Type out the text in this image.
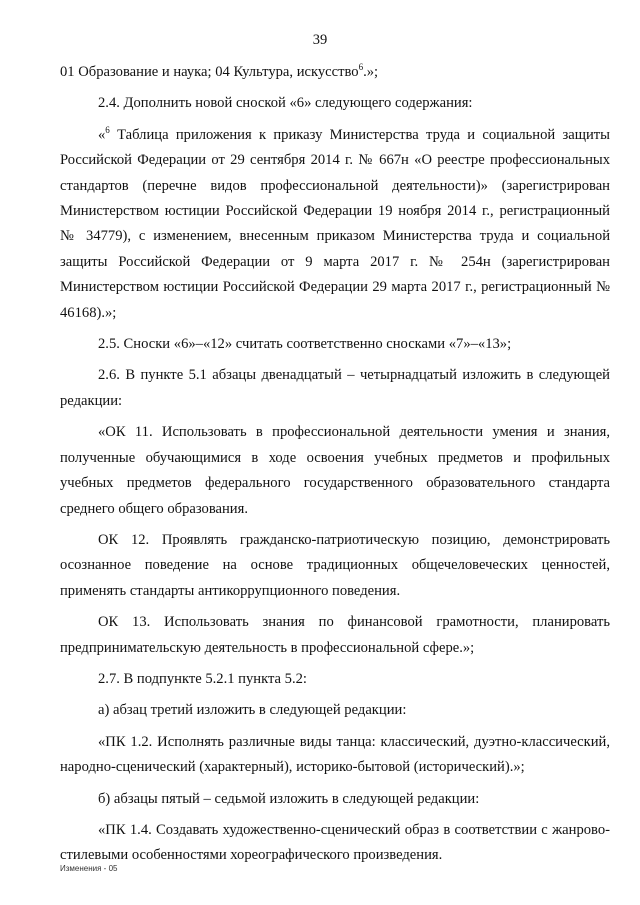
39

01 Образование и наука; 04 Культура, искусство$^6$.»;

2.4. Дополнить новой сноской «6» следующего содержания:

«$^6$ Таблица приложения к приказу Министерства труда и социальной защиты Российской Федерации от 29 сентября 2014 г. № 667н «О реестре профессиональных стандартов (перечне видов профессиональной деятельности)» (зарегистрирован Министерством юстиции Российской Федерации 19 ноября 2014 г., регистрационный № 34779), с изменением, внесенным приказом Министерства труда и социальной защиты Российской Федерации от 9 марта 2017 г. № 254н (зарегистрирован Министерством юстиции Российской Федерации 29 марта 2017 г., регистрационный № 46168).»;

2.5. Сноски «6»–«12» считать соответственно сносками «7»–«13»;

2.6. В пункте 5.1 абзацы двенадцатый – четырнадцатый изложить в следующей редакции:

«ОК 11. Использовать в профессиональной деятельности умения и знания, полученные обучающимися в ходе освоения учебных предметов и профильных учебных предметов федерального государственного образовательного стандарта среднего общего образования.

ОК 12. Проявлять гражданско-патриотическую позицию, демонстрировать осознанное поведение на основе традиционных общечеловеческих ценностей, применять стандарты антикоррупционного поведения.

ОК 13. Использовать знания по финансовой грамотности, планировать предпринимательскую деятельность в профессиональной сфере.»;

2.7. В подпункте 5.2.1 пункта 5.2:

а) абзац третий изложить в следующей редакции:

«ПК 1.2. Исполнять различные виды танца: классический, дуэтно-классический, народно-сценический (характерный), историко-бытовой (исторический).»;

б) абзацы пятый – седьмой изложить в следующей редакции:

«ПК 1.4. Создавать художественно-сценический образ в соответствии с жанрово-стилевыми особенностями хореографического произведения.

Изменения - 05
